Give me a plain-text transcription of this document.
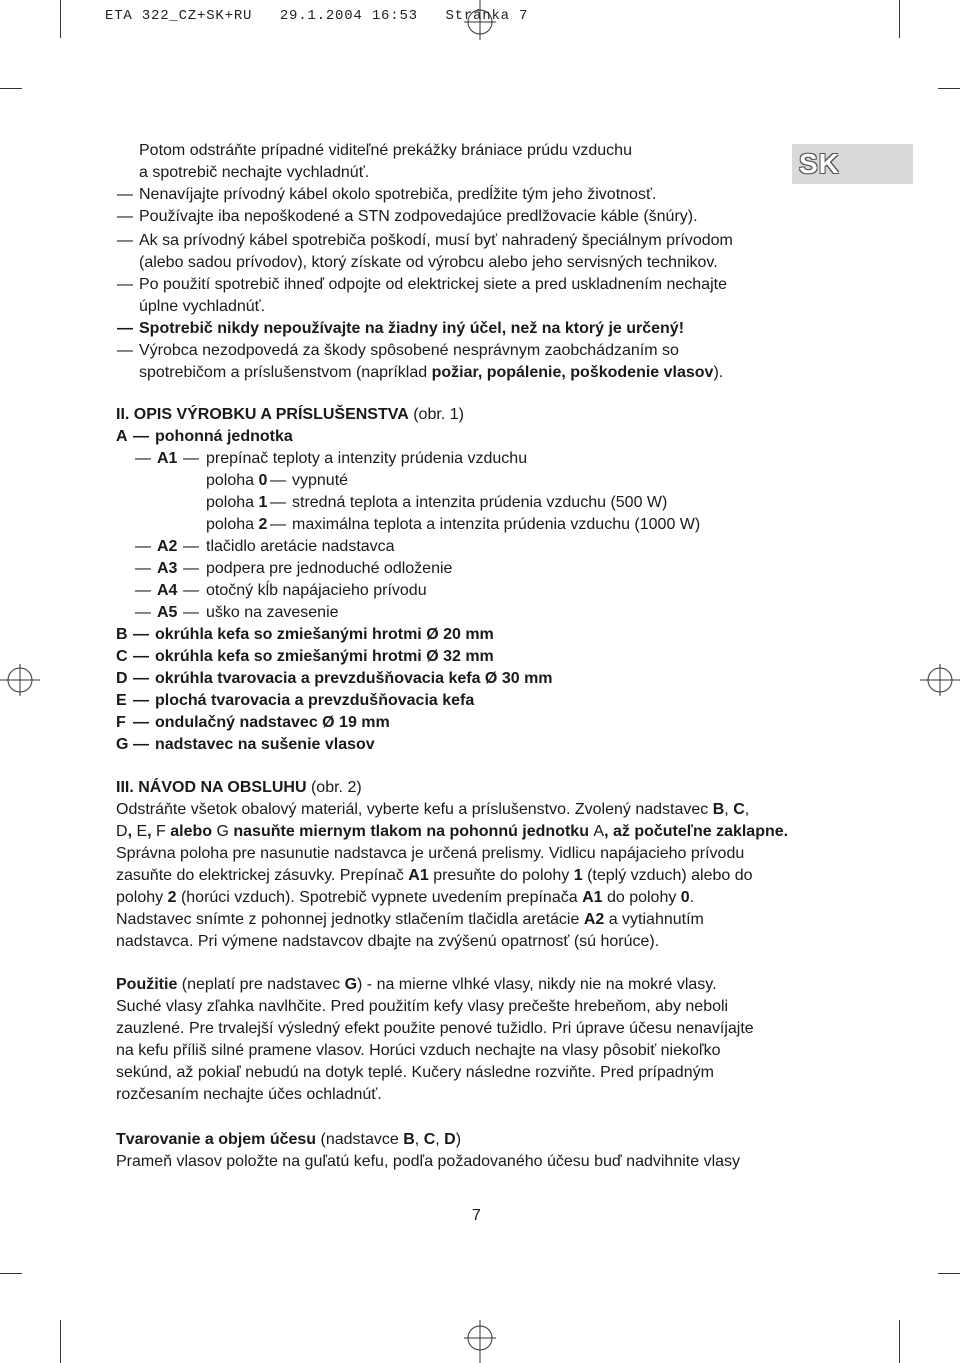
ETA 322_CZ+SK+RU   29.1.2004 16:53   Stránka 7
SK
Potom odstráňte prípadné viditeľné prekážky brániace prúdu vzduchu
a spotrebič nechajte vychladnúť.
— Nenavíjajte prívodný kábel okolo spotrebiča, predĺžite tým jeho životnosť.
— Používajte iba nepoškodené a STN zodpovedajúce predlžovacie káble (šnúry).
— Ak sa prívodný kábel spotrebiča poškodí, musí byť nahradený špeciálnym prívodom
(alebo sadou prívodov), ktorý získate od výrobcu alebo jeho servisných technikov.
— Po použití spotrebič ihneď odpojte od elektrickej siete a pred uskladnením nechajte
úplne vychladnúť.
— Spotrebič nikdy nepoužívajte na žiadny iný účel, než na ktorý je určený!
— Výrobca nezodpovedá za škody spôsobené nesprávnym zaobchádzaním so
spotrebičom a príslušenstvom (napríklad požiar, popálenie, poškodenie vlasov).
II. OPIS VÝROBKU A PRÍSLUŠENSTVA (obr. 1)
A — pohonná jednotka
— A1 — prepínač teploty a intenzity prúdenia vzduchu
poloha 0 — vypnuté
poloha 1 — stredná teplota a intenzita prúdenia vzduchu (500 W)
poloha 2 — maximálna teplota a intenzita prúdenia vzduchu (1000 W)
— A2 — tlačidlo aretácie nadstavca
— A3 — podpera pre jednoduché odloženie
— A4 — otočný kĺb napájacieho prívodu
— A5 — uško na zavesenie
B — okrúhla kefa so zmiešanými hrotmi Ø 20 mm
C — okrúhla kefa so zmiešanými hrotmi Ø 32 mm
D — okrúhla tvarovacia a prevzdušňovacia kefa Ø 30 mm
E — plochá tvarovacia a prevzdušňovacia kefa
F — ondulačný nadstavec Ø 19 mm
G — nadstavec na sušenie vlasov
III. NÁVOD NA OBSLUHU (obr. 2)
Odstráňte všetok obalový materiál, vyberte kefu a príslušenstvo. Zvolený nadstavec B, C,
D, E, F alebo G nasuňte miernym tlakom na pohonnú jednotku A, až počuteľne zaklapne.
Správna poloha pre nasunutie nadstavca je určená prelismy. Vidlicu napájacieho prívodu
zasuňte do elektrickej zásuvky. Prepínač A1 presuňte do polohy 1 (teplý vzduch) alebo do
polohy 2 (horúci vzduch). Spotrebič vypnete uvedením prepínača A1 do polohy 0.
Nadstavec snímte z pohonnej jednotky stlačením tlačidla aretácie A2 a vytiahnutím
nadstavca. Pri výmene nadstavcov dbajte na zvýšenú opatrnosť (sú horúce).
Použitie (neplatí pre nadstavec G) - na mierne vlhké vlasy, nikdy nie na mokré vlasy.
Suché vlasy zľahka navlhčite. Pred použitím kefy vlasy prečešte hrebeňom, aby neboli
zauzlené. Pre trvalejší výsledný efekt použite penové tužidlo. Pri úprave účesu nenavíjajte
na kefu příliš silné pramene vlasov. Horúci vzduch nechajte na vlasy pôsobiť niekoľko
sekúnd, až pokiaľ nebudú na dotyk teplé. Kučery následne rozviňte. Pred prípadným
rozčesaním nechajte účes ochladnúť.
Tvarovanie a objem účesu (nadstavce B, C, D)
Prameň vlasov položte na guľatú kefu, podľa požadovaného účesu buď nadvihnite vlasy
7
